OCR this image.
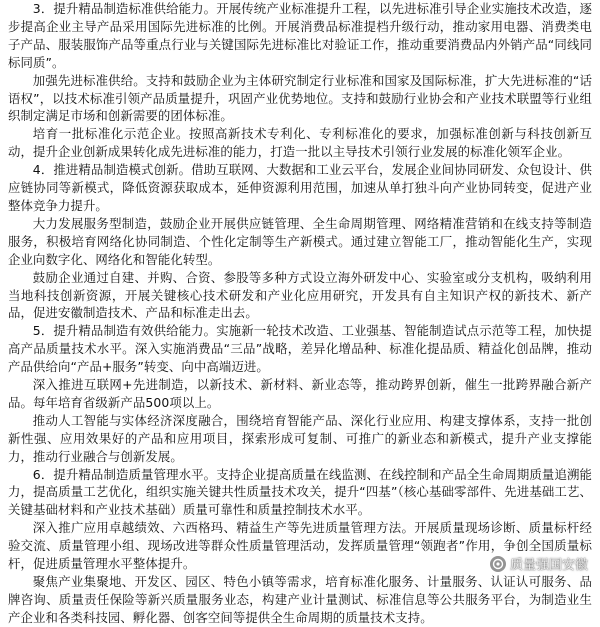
3．提升精品制造标准供给能力。开展传统产业标准提升工程，以先进标准引导企业实施技术改造，逐步提高企业主导产品采用国际先进标准的比例。开展消费品标准提档升级行动，推动家用电器、消费类电子产品、服装服饰产品等重点行业与关键国际先进标准比对验证工作，推动重要消费品内外销产品“同线同标同质”。

加强先进标准供给。支持和鼓励企业为主体研究制定行业标准和国家及国际标准，扩大先进标准的“话语权”，以技术标准引领产品质量提升，巩固产业优势地位。支持和鼓励行业协会和产业技术联盟等行业组织制定满足市场和创新需要的团体标准。

培育一批标准化示范企业。按照高新技术专利化、专利标准化的要求，加强标准创新与科技创新互动，提升企业创新成果转化成先进标准的能力，打造一批以主导技术引领行业发展的标准化领军企业。

4．推进精品制造模式创新。借助互联网、大数据和工业云平台，发展企业间协同研发、众包设计、供应链协同等新模式，降低资源获取成本，延伸资源利用范围，加速从单打独斗向产业协同转变，促进产业整体竞争力提升。

大力发展服务型制造，鼓励企业开展供应链管理、全生命周期管理、网络精准营销和在线支持等制造服务，积极培育网络化协同制造、个性化定制等生产新模式。通过建立智能工厂，推动智能化生产，实现企业向数字化、网络化和智能化转型。

鼓励企业通过自建、并购、合资、参股等多种方式设立海外研发中心、实验室或分支机构，吸纳利用当地科技创新资源，开展关键核心技术研发和产业化应用研究，开发具有自主知识产权的新技术、新产品，促进安徽制造技术、产品和标准走出去。

5．提升精品制造有效供给能力。实施新一轮技术改造、工业强基、智能制造试点示范等工程，加快提高产品质量技术水平。深入实施消费品“三品”战略，差异化增品种、标准化提品质、精益化创品牌，推动产品供给向“产品+服务”转变、向中高端迈进。

深入推进互联网+先进制造，以新技术、新材料、新业态等，推动跨界创新，催生一批跨界融合新产品。每年培育省级新产品500项以上。

推动人工智能与实体经济深度融合，围绕培育智能产品、深化行业应用、构建支撑体系，支持一批创新性强、应用效果好的产品和应用项目，探索形成可复制、可推广的新业态和新模式，提升产业支撑能力，推动行业融合与创新发展。

6．提升精品制造质量管理水平。支持企业提高质量在线监测、在线控制和产品全生命周期质量追溯能力，提高质量工艺优化，组织实施关键共性质量技术攻关，提升“四基”（核心基础零部件、先进基础工艺、关键基础材料和产业技术基础）质量可靠性和质量控制技术水平。

深入推广应用卓越绩效、六西格玛、精益生产等先进质量管理方法。开展质量现场诊断、质量标杆经验交流、质量管理小组、现场改进等群众性质量管理活动，发挥质量管理“领跑者”作用，争创全国质量标杆，促进质量管理水平整体提升。

聚焦产业集聚地、开发区、园区、特色小镇等需求，培育标准化服务、计量服务、认证认可服务、品牌咨询、质量责任保险等新兴质量服务业态，构建产业计量测试、标准信息等公共服务平台，为制造业生产企业和各类科技园、孵化器、创客空间等提供全生命周期的质量技术支持。

质量强国安徽
